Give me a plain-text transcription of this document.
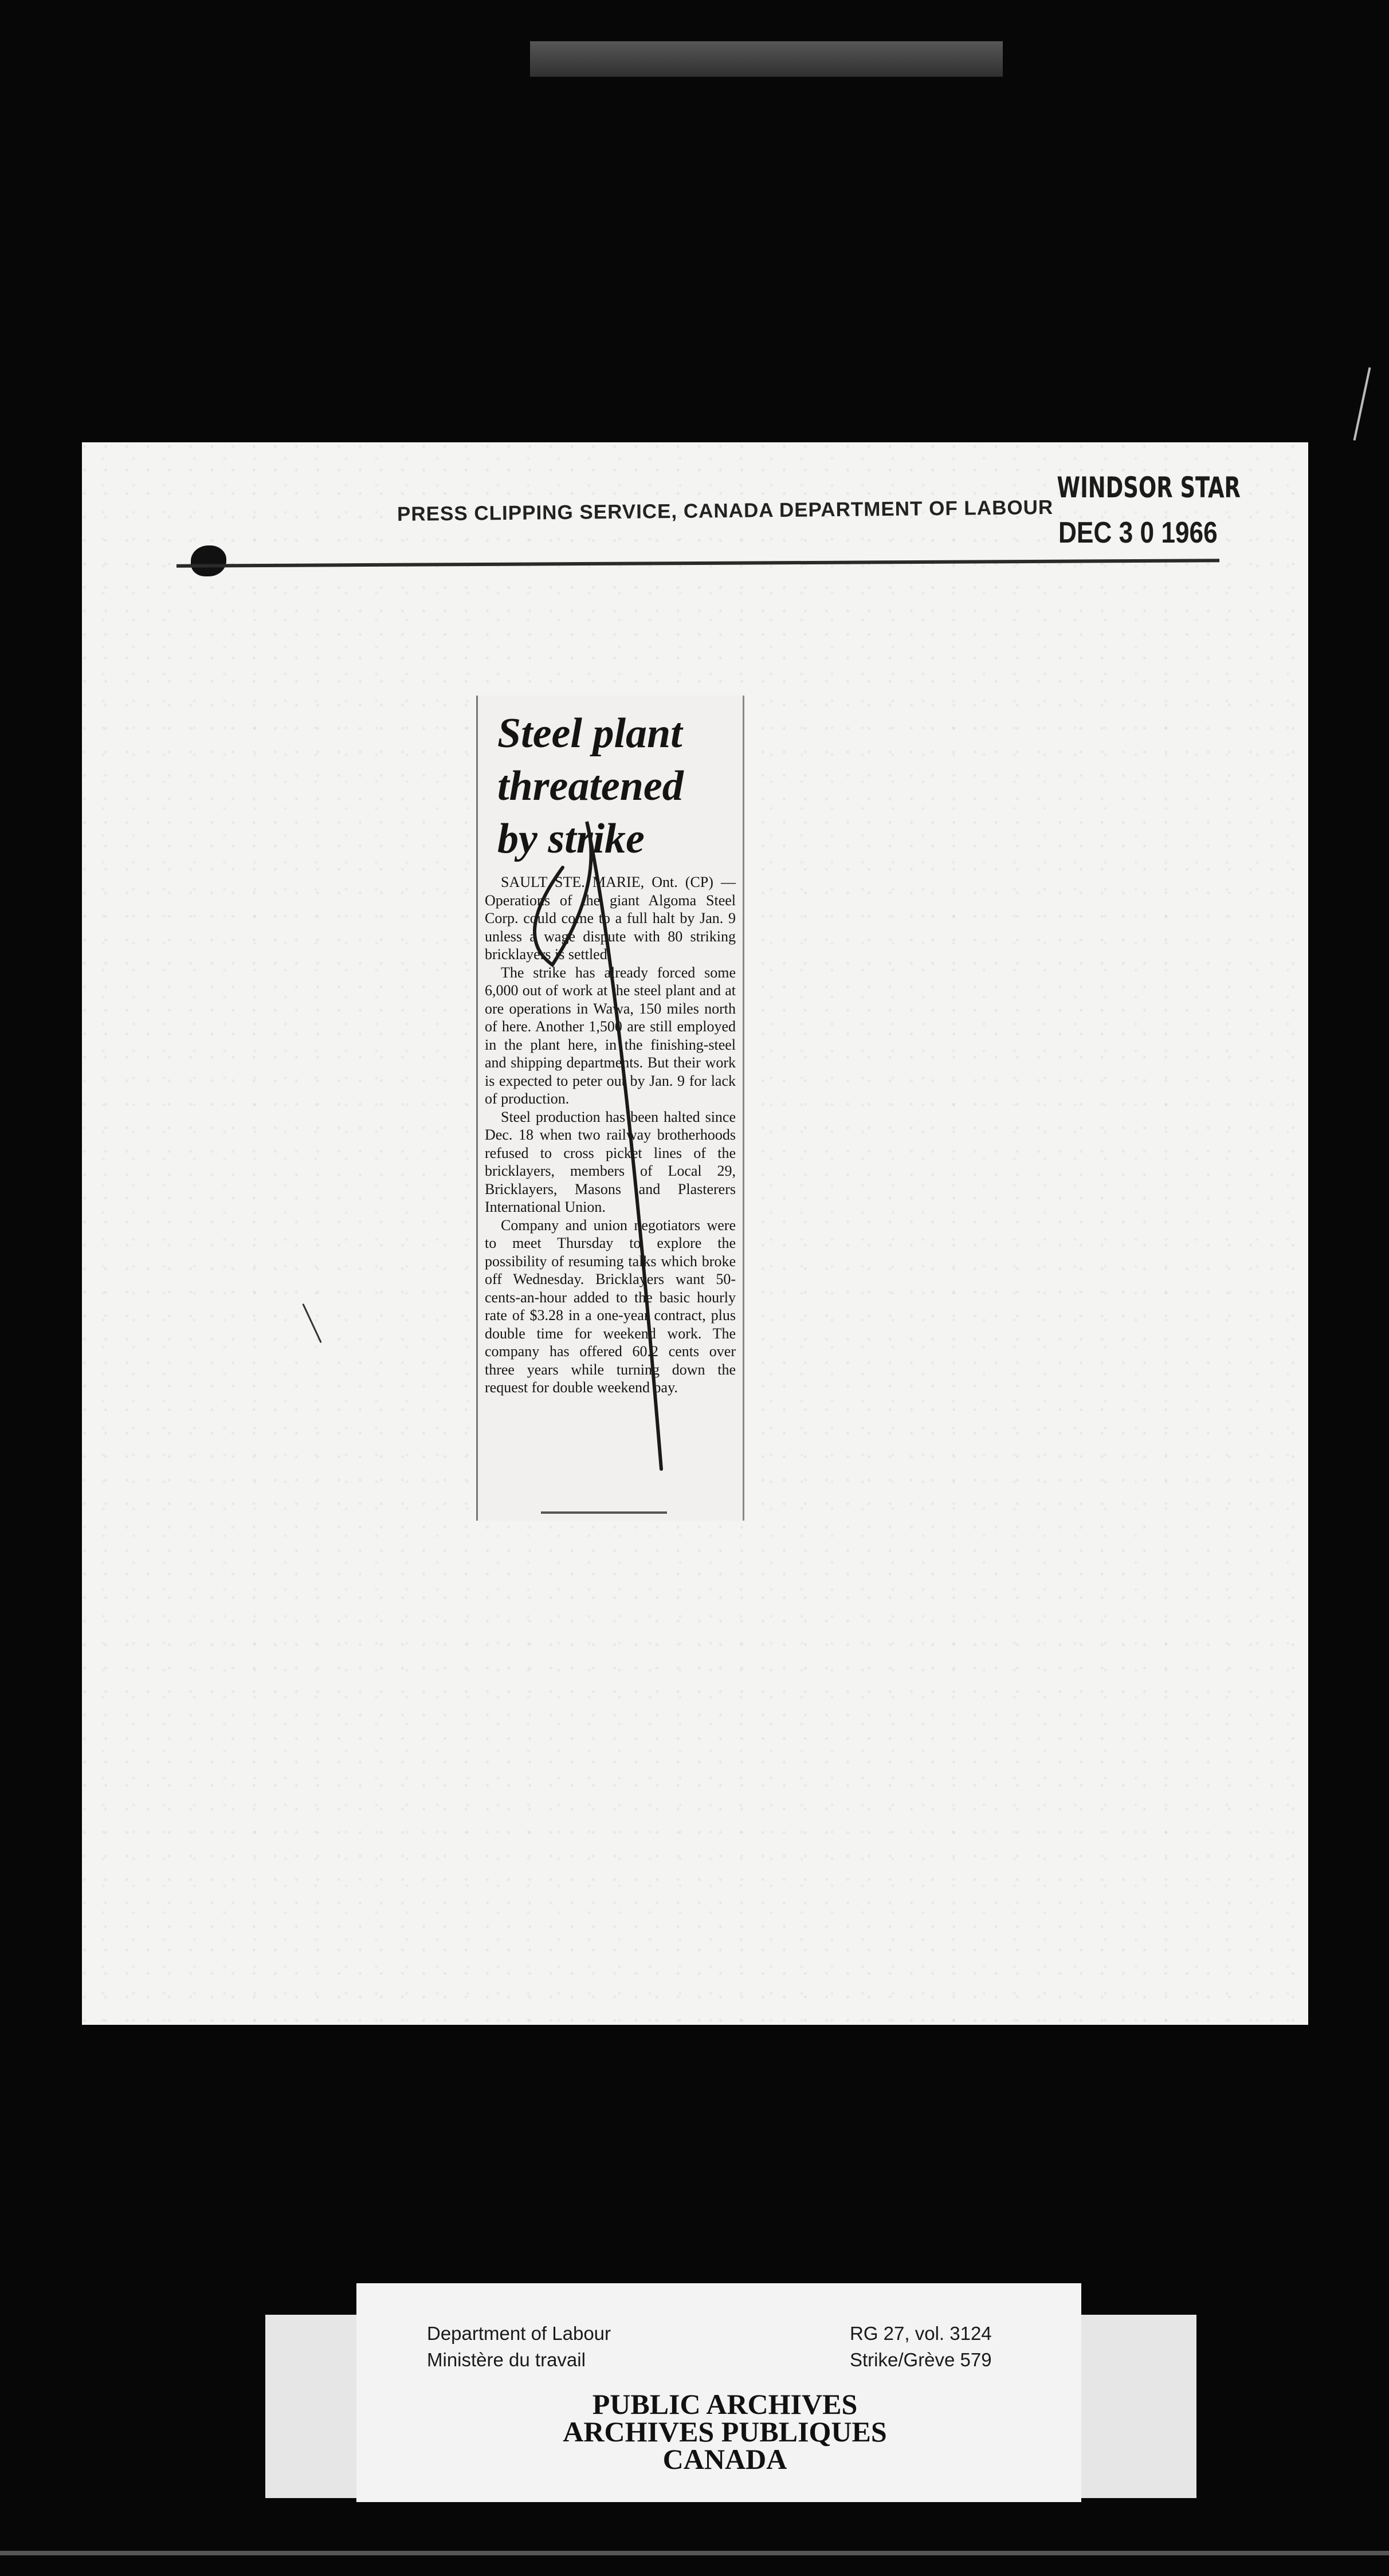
PRESS CLIPPING SERVICE, CANADA DEPARTMENT OF LABOUR
WINDSOR STAR
DEC 3 0 1966
Steel plant
threatened
by strike

SAULT STE. MARIE, Ont. (CP) — Operations of the giant Algoma Steel Corp. could come to a full halt by Jan. 9 unless a wage dispute with 80 striking bricklayers is settled.

The strike has already forced some 6,000 out of work at the steel plant and at ore operations in Wawa, 150 miles north of here. Another 1,500 are still employed in the plant here, in the finishing-steel and shipping departments. But their work is expected to peter out by Jan. 9 for lack of production.

Steel production has been halted since Dec. 18 when two railway brotherhoods refused to cross picket lines of the bricklayers, members of Local 29, Bricklayers, Masons and Plasterers International Union.

Company and union negotiators were to meet Thursday to explore the possibility of resuming talks which broke off Wednesday. Bricklayers want 50-cents-an-hour added to the basic hourly rate of $3.28 in a one-year contract, plus double time for weekend work. The company has offered 60.2 cents over three years while turning down the request for double weekend pay.

Department of Labour
Ministère du travail
RG 27, vol. 3124
Strike/Grève 579
PUBLIC ARCHIVES
ARCHIVES PUBLIQUES
CANADA
